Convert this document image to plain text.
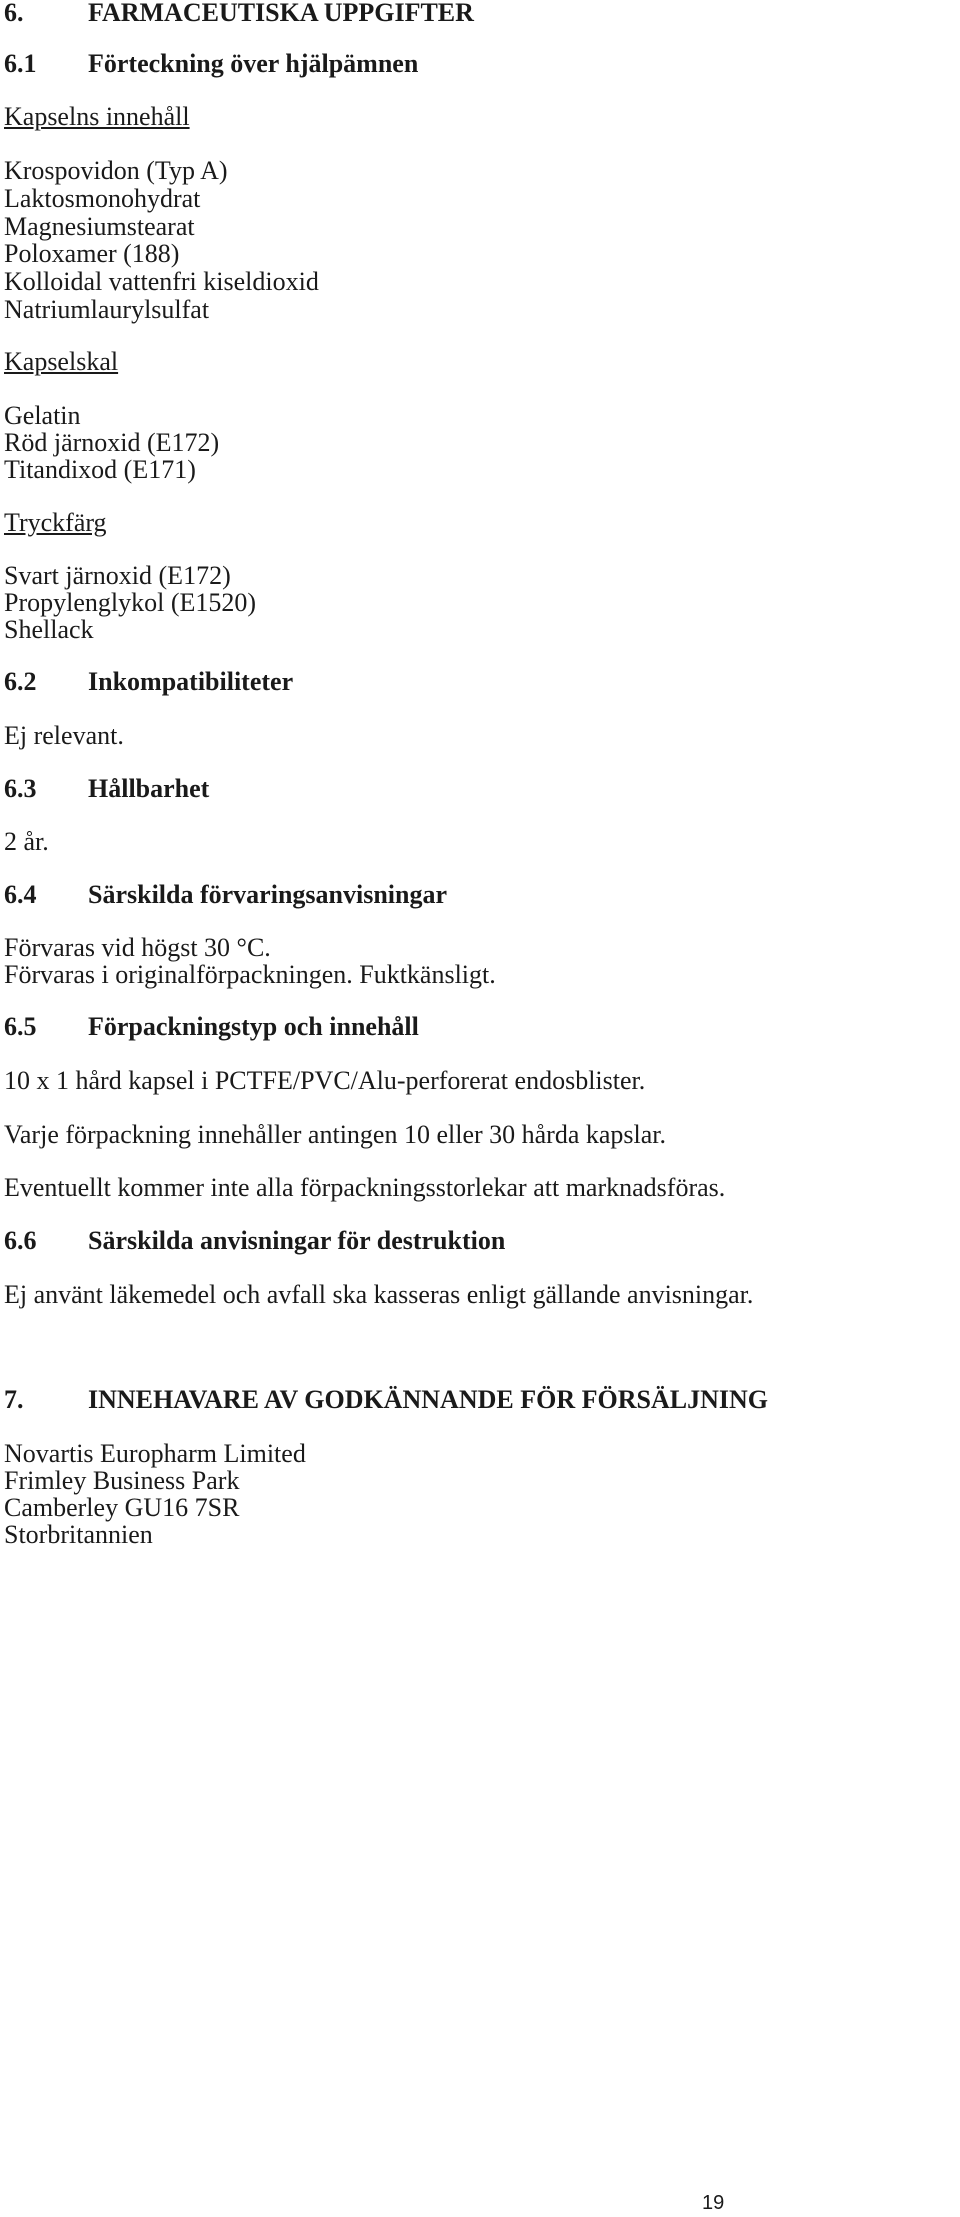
6. FARMACEUTISKA UPPGIFTER
6.1 Förteckning över hjälpämnen
Kapselns innehåll
Krospovidon (Typ A)
Laktosmonohydrat
Magnesiumstearat
Poloxamer (188)
Kolloidal vattenfri kiseldioxid
Natriumlaurylsulfat
Kapselskal
Gelatin
Röd järnoxid (E172)
Titandixod (E171)
Tryckfärg
Svart järnoxid (E172)
Propylenglykol (E1520)
Shellack
6.2 Inkompatibiliteter
Ej relevant.
6.3 Hållbarhet
2 år.
6.4 Särskilda förvaringsanvisningar
Förvaras vid högst 30 °C.
Förvaras i originalförpackningen. Fuktkänsligt.
6.5 Förpackningstyp och innehåll
10 x 1 hård kapsel i PCTFE/PVC/Alu-perforerat endosblister.
Varje förpackning innehåller antingen 10 eller 30 hårda kapslar.
Eventuellt kommer inte alla förpackningsstorlekar att marknadsföras.
6.6 Särskilda anvisningar för destruktion
Ej använt läkemedel och avfall ska kasseras enligt gällande anvisningar.
7. INNEHAVARE AV GODKÄNNANDE FÖR FÖRSÄLJNING
Novartis Europharm Limited
Frimley Business Park
Camberley GU16 7SR
Storbritannien
19
